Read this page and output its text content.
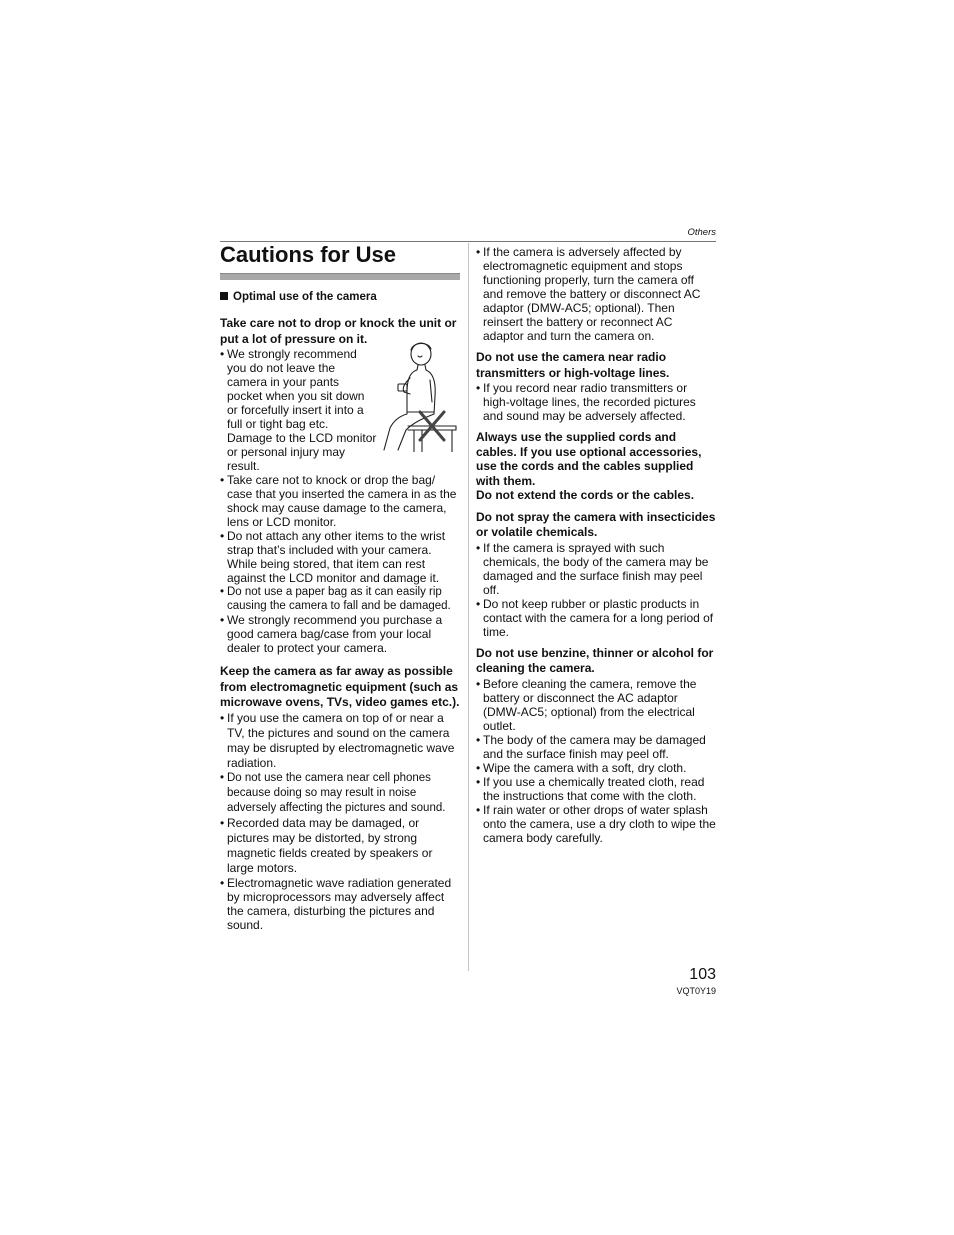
Others
Cautions for Use
Optimal use of the camera

Take care not to drop or knock the unit or put a lot of pressure on it.

• We strongly recommend you do not leave the camera in your pants pocket when you sit down or forcefully insert it into a full or tight bag etc. Damage to the LCD monitor or personal injury may result.
• Take care not to knock or drop the bag/ case that you inserted the camera in as the shock may cause damage to the camera, lens or LCD monitor.
• Do not attach any other items to the wrist strap that’s included with your camera. While being stored, that item can rest against the LCD monitor and damage it.
• Do not use a paper bag as it can easily rip causing the camera to fall and be damaged.
• We strongly recommend you purchase a good camera bag/case from your local dealer to protect your camera.

Keep the camera as far away as possible from electromagnetic equipment (such as microwave ovens, TVs, video games etc.).

• If you use the camera on top of or near a TV, the pictures and sound on the camera may be disrupted by electromagnetic wave radiation.
• Do not use the camera near cell phones because doing so may result in noise adversely affecting the pictures and sound.
• Recorded data may be damaged, or pictures may be distorted, by strong magnetic fields created by speakers or large motors.
• Electromagnetic wave radiation generated by microprocessors may adversely affect the camera, disturbing the pictures and sound.
• If the camera is adversely affected by electromagnetic equipment and stops functioning properly, turn the camera off and remove the battery or disconnect AC adaptor (DMW-AC5; optional). Then reinsert the battery or reconnect AC adaptor and turn the camera on.

Do not use the camera near radio transmitters or high-voltage lines.

• If you record near radio transmitters or high-voltage lines, the recorded pictures and sound may be adversely affected.

Always use the supplied cords and cables. If you use optional accessories, use the cords and the cables supplied with them.

Do not extend the cords or the cables.

Do not spray the camera with insecticides or volatile chemicals.

• If the camera is sprayed with such chemicals, the body of the camera may be damaged and the surface finish may peel off.
• Do not keep rubber or plastic products in contact with the camera for a long period of time.

Do not use benzine, thinner or alcohol for cleaning the camera.

• Before cleaning the camera, remove the battery or disconnect the AC adaptor (DMW-AC5; optional) from the electrical outlet.
• The body of the camera may be damaged and the surface finish may peel off.
• Wipe the camera with a soft, dry cloth.
• If you use a chemically treated cloth, read the instructions that come with the cloth.
• If rain water or other drops of water splash onto the camera, use a dry cloth to wipe the camera body carefully.
103
VQT0Y19
